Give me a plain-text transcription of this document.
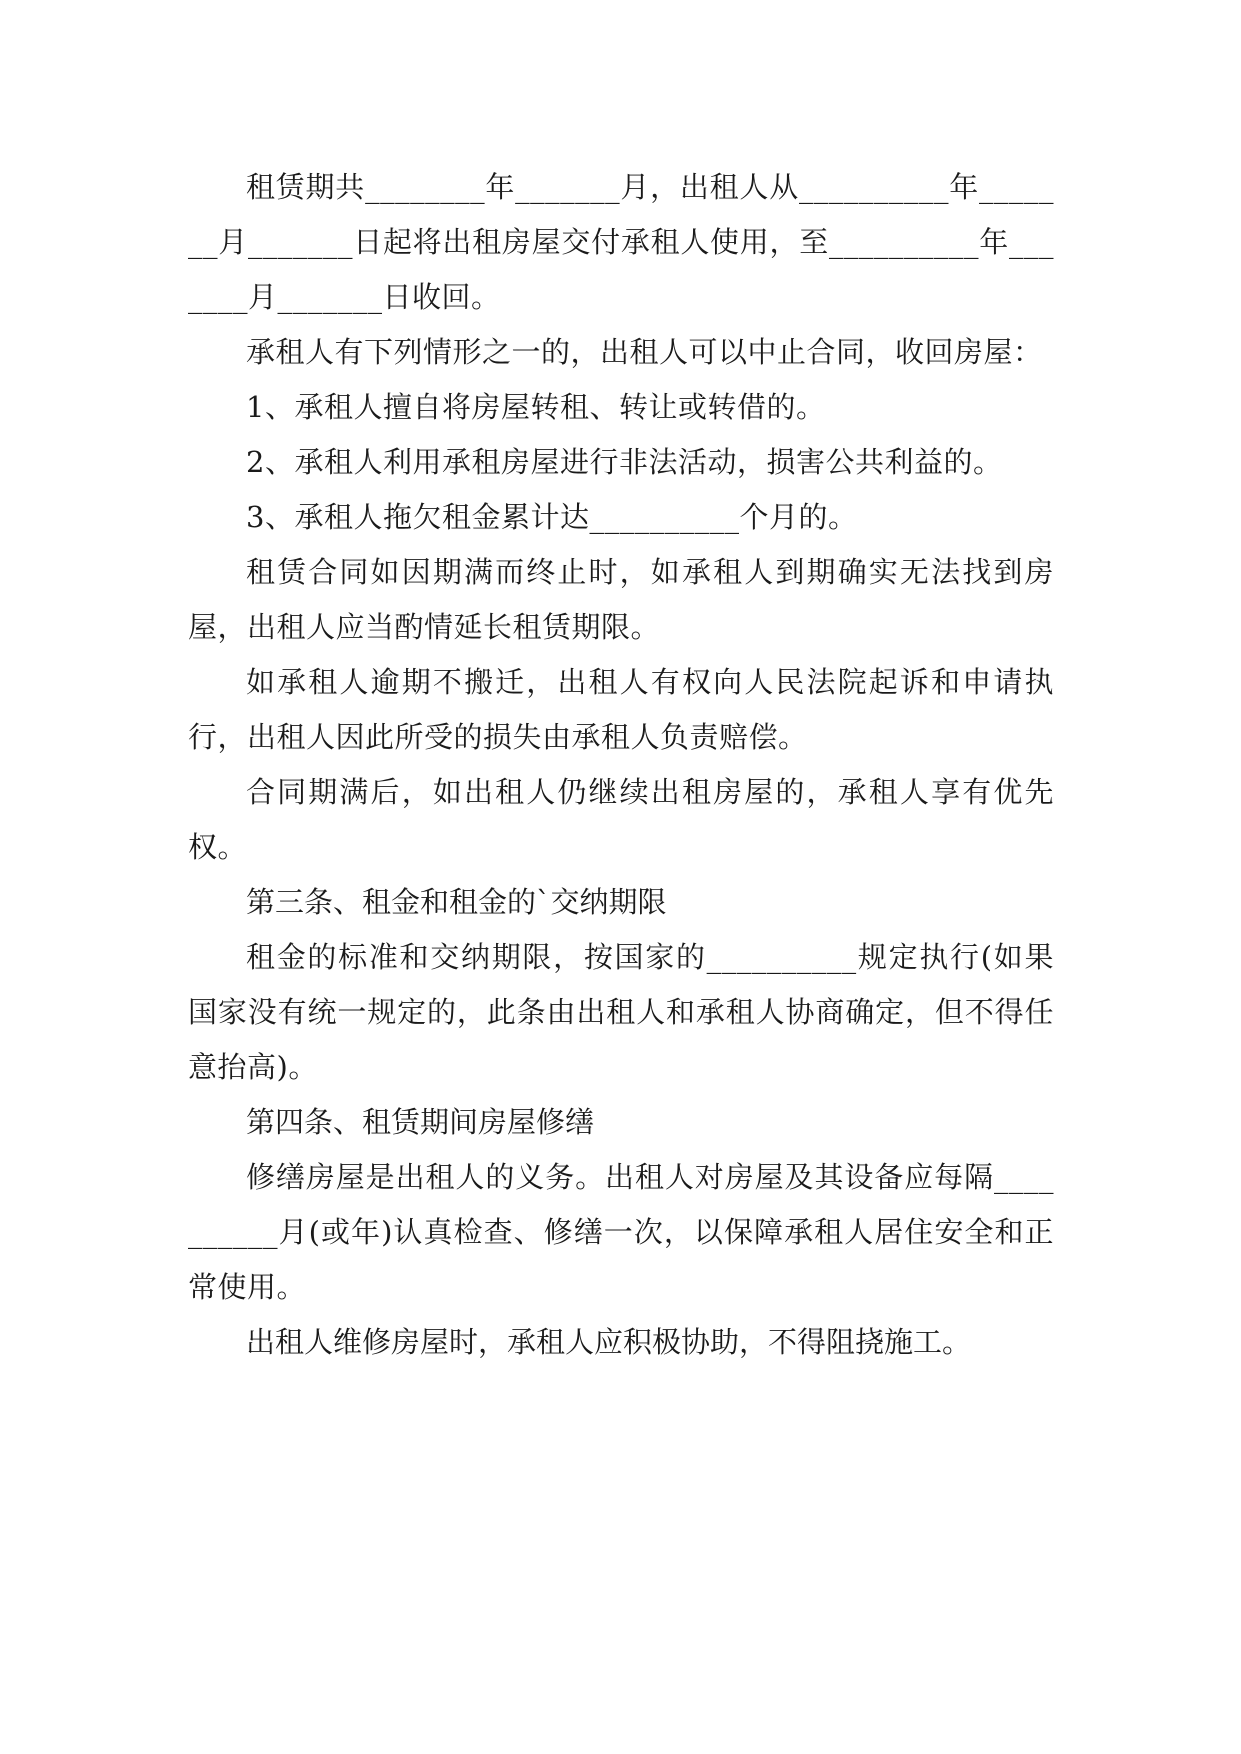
租赁期共________年_______月，出租人从__________年_______月_______日起将出租房屋交付承租人使用，至__________年_______月_______日收回。

承租人有下列情形之一的，出租人可以中止合同，收回房屋：

1、承租人擅自将房屋转租、转让或转借的。

2、承租人利用承租房屋进行非法活动，损害公共利益的。

3、承租人拖欠租金累计达__________个月的。

租赁合同如因期满而终止时，如承租人到期确实无法找到房屋，出租人应当酌情延长租赁期限。

如承租人逾期不搬迁，出租人有权向人民法院起诉和申请执行，出租人因此所受的损失由承租人负责赔偿。

合同期满后，如出租人仍继续出租房屋的，承租人享有优先权。

第三条、租金和租金的`交纳期限

租金的标准和交纳期限，按国家的__________规定执行(如果国家没有统一规定的，此条由出租人和承租人协商确定，但不得任意抬高)。

第四条、租赁期间房屋修缮

修缮房屋是出租人的义务。出租人对房屋及其设备应每隔__________月(或年)认真检查、修缮一次，以保障承租人居住安全和正常使用。

出租人维修房屋时，承租人应积极协助，不得阻挠施工。
